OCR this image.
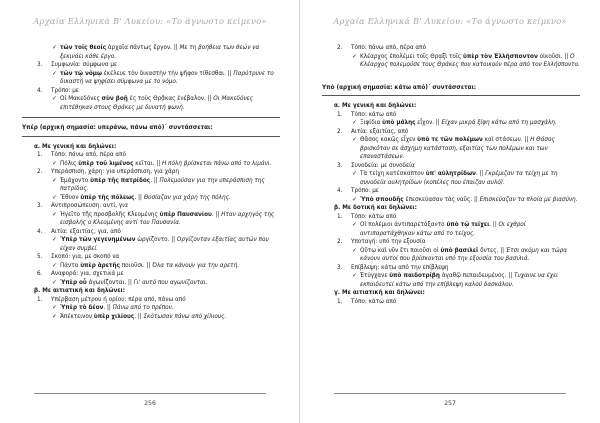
Αρχαία Ελληνικά Β' Λυκείου: «Το άγνωστο κείμενο»
✓ τῶν τοῖς θεοῖς ἀρχαῖα πάντως ἔργον. || Με τη βοήθεια των θεών να ξεκινάει κάθε έργο.
3. Συμφωνία: σύμφωνα με
✓ τῶν τῷ νόμῳ ἐκέλευε τὸν δικαστὴν τὴν ψῆφον τίθεσθαι. || Παρότρυνε το δικαστή να ψηφίσει σύμφωνα με το νόμο.
4. Τρόπο: με
✓ Οἱ Μακεδόνες σὺν βοῇ ἐς τοὺς Θρᾷκας ἐνέβαλον. || Οι Μακεδόνες επιτέθηκαν στους Θράκες με δυνατή φωνή.
Υπέρ (αρχική σημασία: υπεράνω, πάνω από)΄ συντάσσεται:
α. Με γενική και δηλώνει:
1. Τόπο: πάνω από, πέρα από
✓ Πόλις ὑπὲρ τοῦ λιμένος κεῖται. || Η πόλη βρίσκεται πάνω από το λιμάνι.
2. Υπεράσπιση, χάρη: για υπεράσπιση, για χάρη
✓ Ἐμάχοντο ὑπὲρ τῆς πατρίδος. || Πολεμούσαν για την υπεράσπιση της πατρίδας.
✓ Ἔθυον ὑπὲρ τῆς πόλεως. || Θυσίαζαν για χάρη της πόλης.
3. Αντιπροσώπευση: αντί, για
✓ Ἡγεῖτο τῆς προσβολῆς Κλεομένης ὑπὲρ Παυσανίου. || Ηταν αρχηγός της εισβολής ο Κλεομένης αντί του Παυσανία.
4. Αιτία: εξαιτίας, για, από
✓ Ὑπὲρ τῶν γεγενημένων ὠργίζοντο. || Οργίζονταν εξαιτίας αυτών που είχαν συμβεί.
5. Σκοπό: για, με σκοπό να
✓ Πάντα ὑπὲρ ἀρετῆς ποιοῦσι. || Όλα τα κάνουν για την αρετή.
6. Αναφορά: για, σχετικά με
✓ Ὑπὲρ οὗ ἀγωνίζονται. || Γι' αυτό που αγωνίζονται.
β. Με αιτιατική και δηλώνει:
1. Υπέρβαση μέτρου ή ορίου: πέρα από, πάνω από
✓ Ὑπὲρ τὸ δέον. || Πάνω από το πρέπον.
✓ Ἀπέκτεινον ὑπὲρ χιλίους. || Σκότωσαν πάνω από χίλιους.
256
Αρχαία Ελληνικά Β' Λυκείου: «Το άγνωστο κείμενο»
2. Τόπο: πάνω από, πέρα από
✓ Κλέαρχος ἐπολέμει τοῖς Θρᾳξὶ τοῖς ὑπὲρ τὸν Ἑλλήσποντον οἰκοῦσι. || Ο Κλέαρχος πολεμούσε τους Θράκες που κατοικούν πέρα από τον Ελλήσποντο.
Υπό (αρχική σημασία: κάτω από)΄ συντάσσεται:
α. Με γενική και δηλώνει:
1. Τόπο: κάτω από
✓ Ξιφίδια ὑπὸ μάλης εἶχον. || Είχαν μικρά ξίφη κάτω από τη μασχάλη.
2. Αιτία: εξαιτίας, από
✓ Θᾶσος κακῶς εἶχεν ὑπὸ τε τῶν πολέμων καὶ στάσεων. || Η Θάσος βρισκόταν σε άσχημη κατάσταση, εξαιτίας των πολέμων και των επαναστάσεων.
3. Συνοδεία: με συνοδεία
✓ Τὰ τείχη κατέσκαπτον ὑπ' αὐλητρίδων. || Γκρέμιζαν τα τείχη με τη συνοδεία αυλητρίδων (κοπέλες που έπαιζαν αυλό).
4. Τρόπο: με
✓ Ὑπὸ σπουδῆς ἐπεσκεύασαν τὰς ναῦς. || Επισκεύαζαν τα πλοία με βιασύνη.
β. Με δοτική και δηλώνει:
1. Τόπο: κάτω από
✓ Οἱ πολέμιοι ἀντιπαρετάξαντο ὑπὸ τῷ τείχει. || Οι εχθροί αντιπαρατάχθηκαν κάτω από το τείχος.
2. Υποταγή: υπό την εξουσία
✓ Οὕτω καὶ νῦν ἔτι ποιοῦσι οἱ ὑπὸ βασιλεῖ ὄντες. || Έτσι ακόμη και τώρα κάνουν αυτοί που βρίσκονται υπό την εξουσία του βασιλιά.
3. Επίβλεψη: κάτω από την επίβλεψη
✓ Ἐτύγχανε ὑπὸ παιδοτρίβῃ ἀγαθῷ πεπαιδευμένος. || Τυχαινε να έχει εκπαιδευτεί κάτω από την επίβλεψη καλού δασκάλου.
γ. Με αιτιατική και δηλώνει:
1. Τόπο: κάτω από
257
